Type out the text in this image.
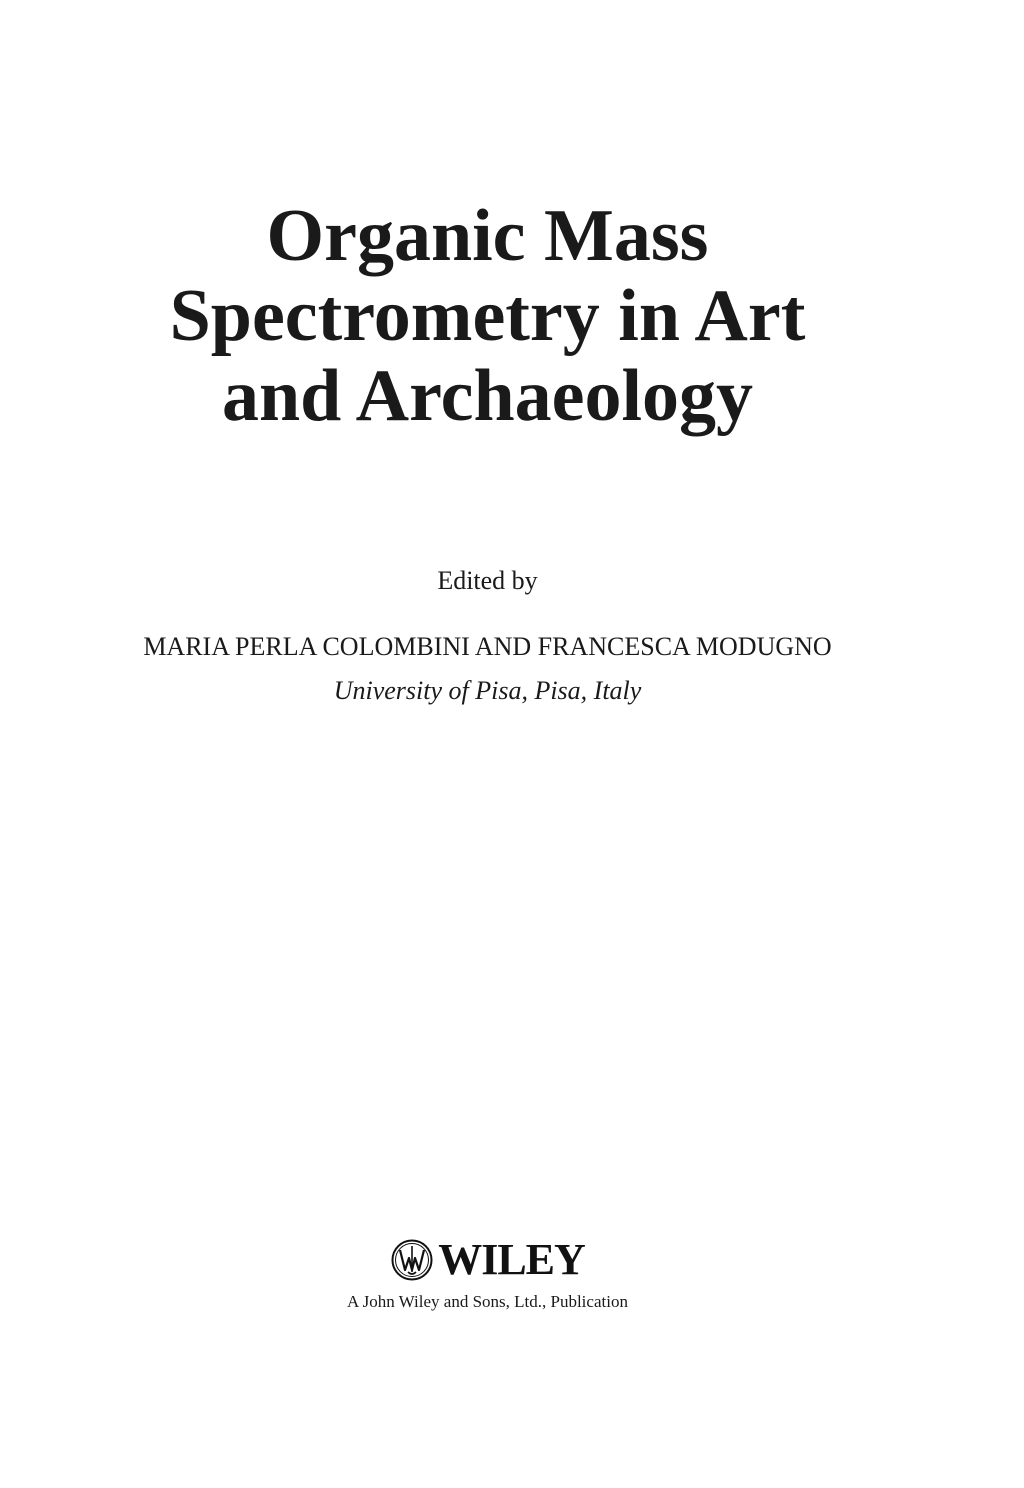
Organic Mass
Spectrometry in Art
and Archaeology
Edited by
MARIA PERLA COLOMBINI AND FRANCESCA MODUGNO
University of Pisa, Pisa, Italy
WILEY
A John Wiley and Sons, Ltd., Publication
